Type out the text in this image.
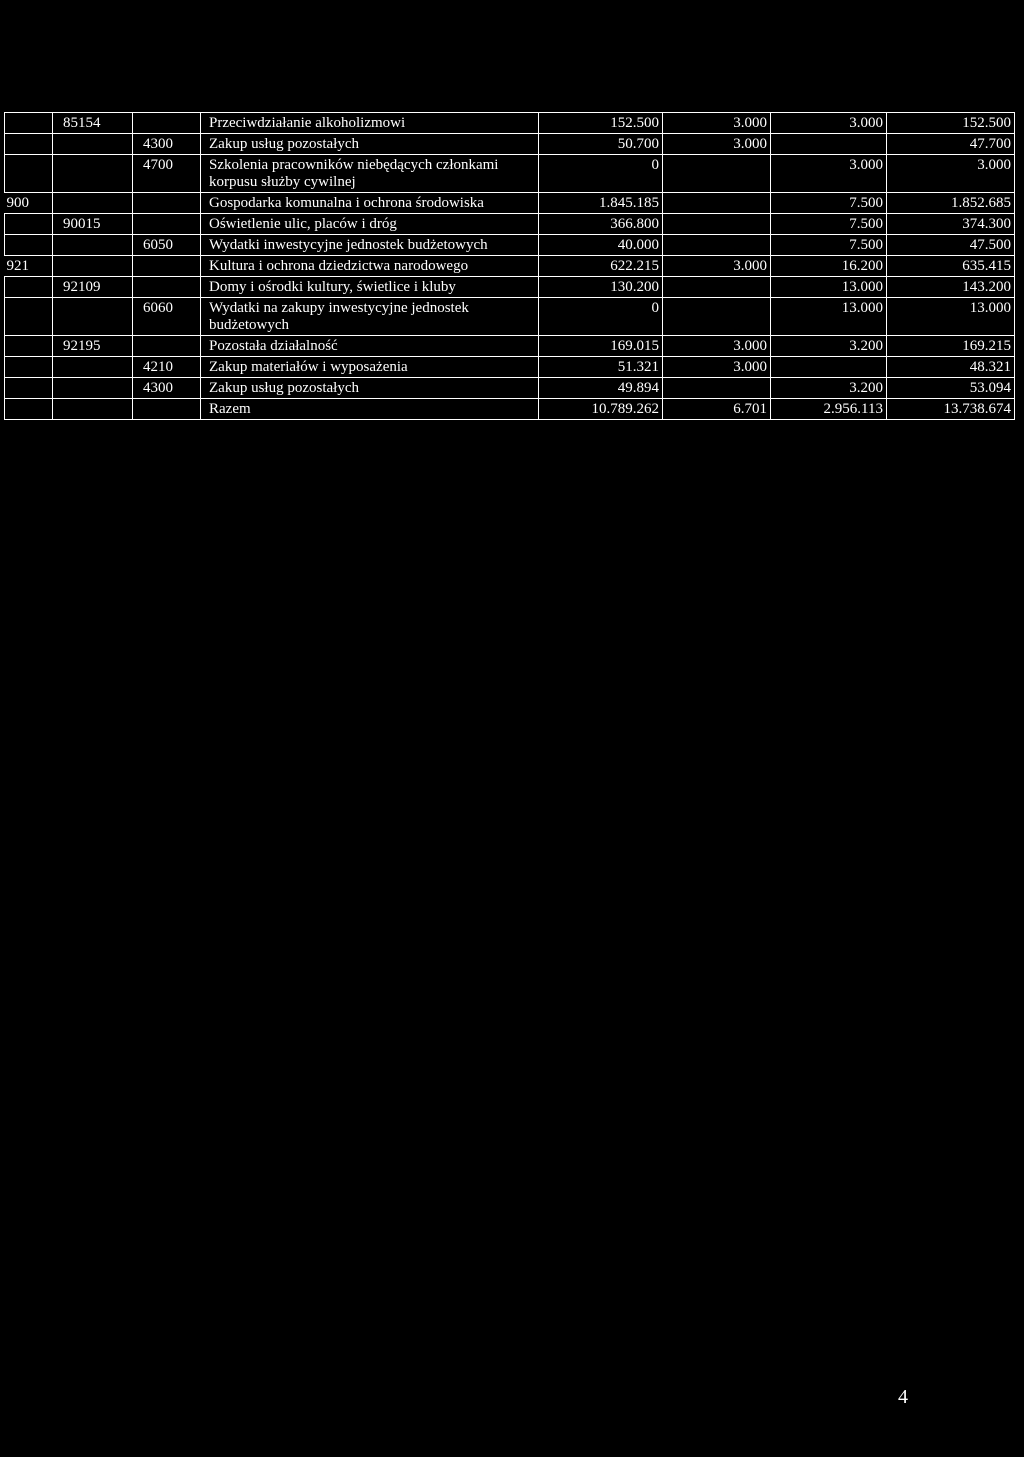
	85154		Przeciwdziałanie alkoholizmowi	152.500	3.000	3.000	152.500
		4300	Zakup usług pozostałych	50.700	3.000		47.700
		4700	Szkolenia pracowników niebędących członkami korpusu służby cywilnej	0		3.000	3.000
900			Gospodarka komunalna i ochrona środowiska	1.845.185		7.500	1.852.685
	90015		Oświetlenie ulic, placów i dróg	366.800		7.500	374.300
		6050	Wydatki inwestycyjne jednostek budżetowych	40.000		7.500	47.500
921			Kultura i ochrona dziedzictwa narodowego	622.215	3.000	16.200	635.415
	92109		Domy i ośrodki kultury, świetlice i kluby	130.200		13.000	143.200
		6060	Wydatki na zakupy inwestycyjne jednostek budżetowych	0		13.000	13.000
	92195		Pozostała działalność	169.015	3.000	3.200	169.215
		4210	Zakup materiałów i wyposażenia	51.321	3.000		48.321
		4300	Zakup usług pozostałych	49.894		3.200	53.094
			Razem	10.789.262	6.701	2.956.113	13.738.674
4
